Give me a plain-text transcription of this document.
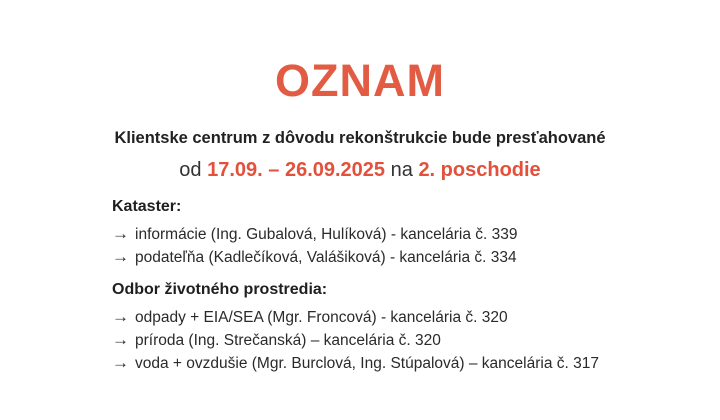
OZNAM

Klientske centrum z dôvodu rekonštrukcie bude presťahované

od 17.09. – 26.09.2025 na 2. poschodie

Kataster:
→ informácie (Ing. Gubalová, Hulíková) - kancelária č. 339
→ podateľňa (Kadlečíková, Valášiková) - kancelária č. 334
Odbor životného prostredia:
→ odpady + EIA/SEA (Mgr. Froncová) - kancelária č. 320
→ príroda (Ing. Strečanská) – kancelária č. 320
→ voda + ovzdušie (Mgr. Burclová, Ing. Stúpalová) – kancelária č. 317
